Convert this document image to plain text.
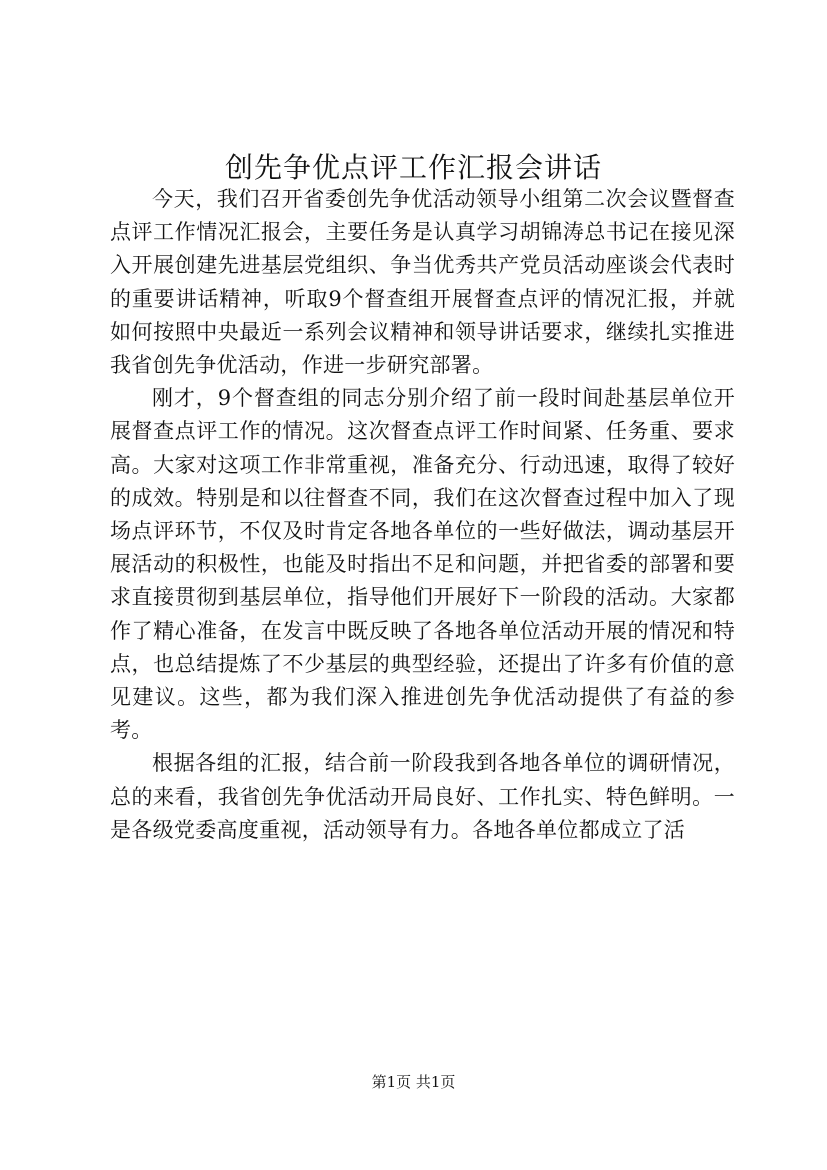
创先争优点评工作汇报会讲话

今天，我们召开省委创先争优活动领导小组第二次会议暨督查点评工作情况汇报会，主要任务是认真学习胡锦涛总书记在接见深入开展创建先进基层党组织、争当优秀共产党员活动座谈会代表时的重要讲话精神，听取9个督查组开展督查点评的情况汇报，并就如何按照中央最近一系列会议精神和领导讲话要求，继续扎实推进我省创先争优活动，作进一步研究部署。

刚才，9个督查组的同志分别介绍了前一段时间赴基层单位开展督查点评工作的情况。这次督查点评工作时间紧、任务重、要求高。大家对这项工作非常重视，准备充分、行动迅速，取得了较好的成效。特别是和以往督查不同，我们在这次督查过程中加入了现场点评环节，不仅及时肯定各地各单位的一些好做法，调动基层开展活动的积极性，也能及时指出不足和问题，并把省委的部署和要求直接贯彻到基层单位，指导他们开展好下一阶段的活动。大家都作了精心准备，在发言中既反映了各地各单位活动开展的情况和特点，也总结提炼了不少基层的典型经验，还提出了许多有价值的意见建议。这些，都为我们深入推进创先争优活动提供了有益的参考。

根据各组的汇报，结合前一阶段我到各地各单位的调研情况，总的来看，我省创先争优活动开局良好、工作扎实、特色鲜明。一是各级党委高度重视，活动领导有力。各地各单位都成立了活

第1页 共1页
